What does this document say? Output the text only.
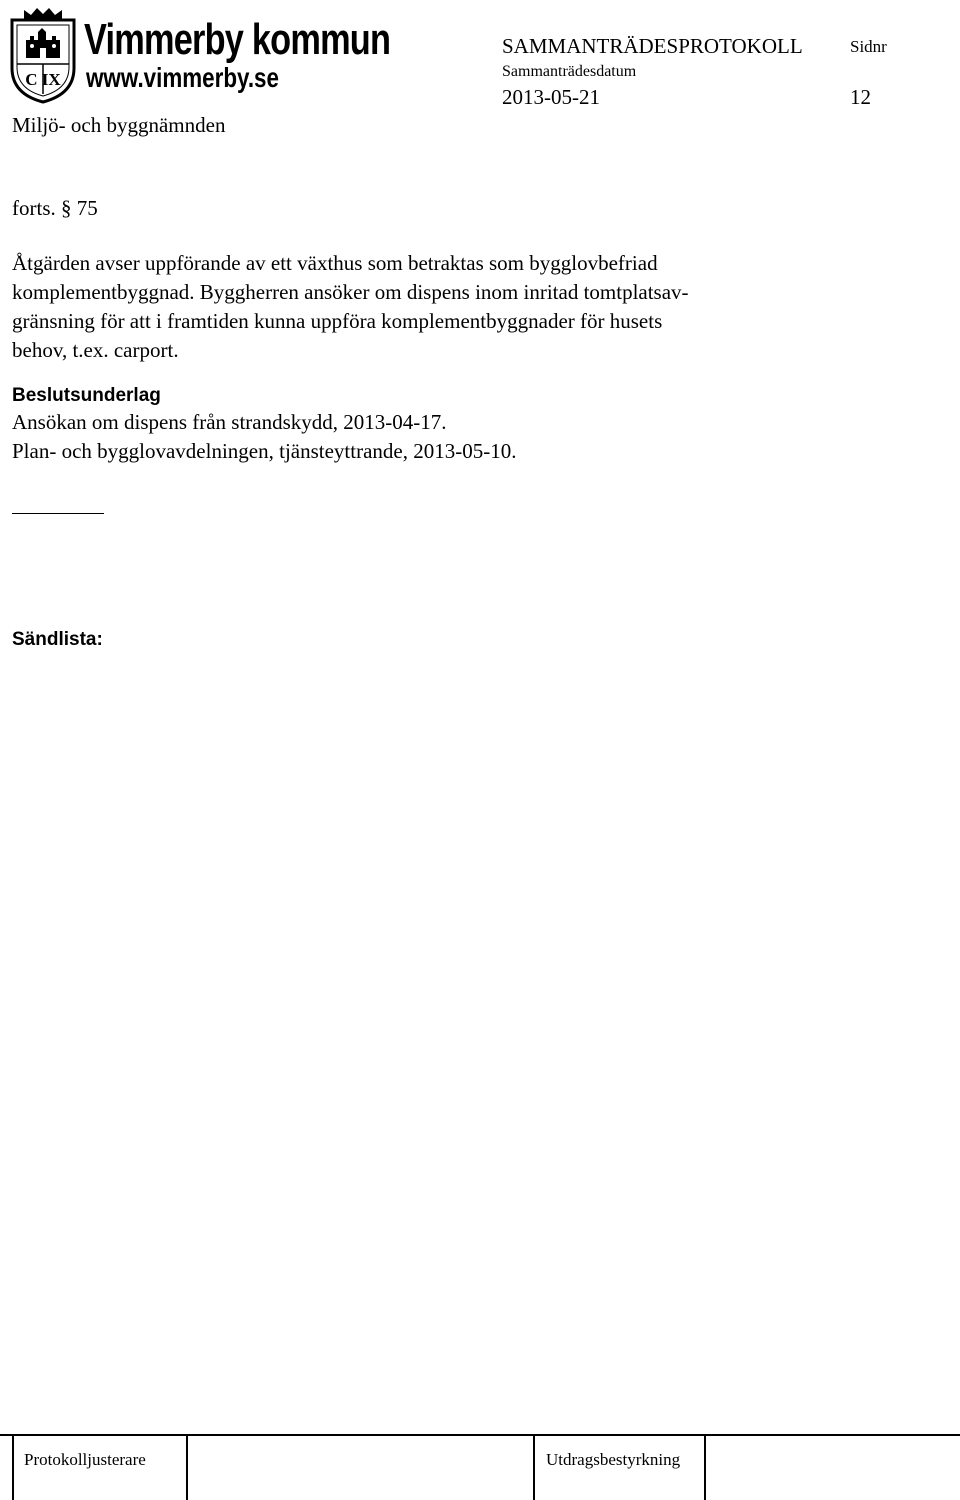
C IX
Vimmerby kommun
www.vimmerby.se
SAMMANTRÄDESPROTOKOLL	Sidnr
Sammanträdesdatum
2013-05-21	12
Miljö- och byggnämnden
forts. § 75
Åtgärden avser uppförande av ett växthus som betraktas som bygglovbefriad
komplementbyggnad. Byggherren ansöker om dispens inom inritad tomtplatsav-
gränsning för att i framtiden kunna uppföra komplementbyggnader för husets
behov, t.ex. carport.
Beslutsunderlag
Ansökan om dispens från strandskydd, 2013-04-17.
Plan- och bygglovavdelningen, tjänsteyttrande, 2013-05-10.
Sändlista:
Protokolljusterare	Utdragsbestyrkning
